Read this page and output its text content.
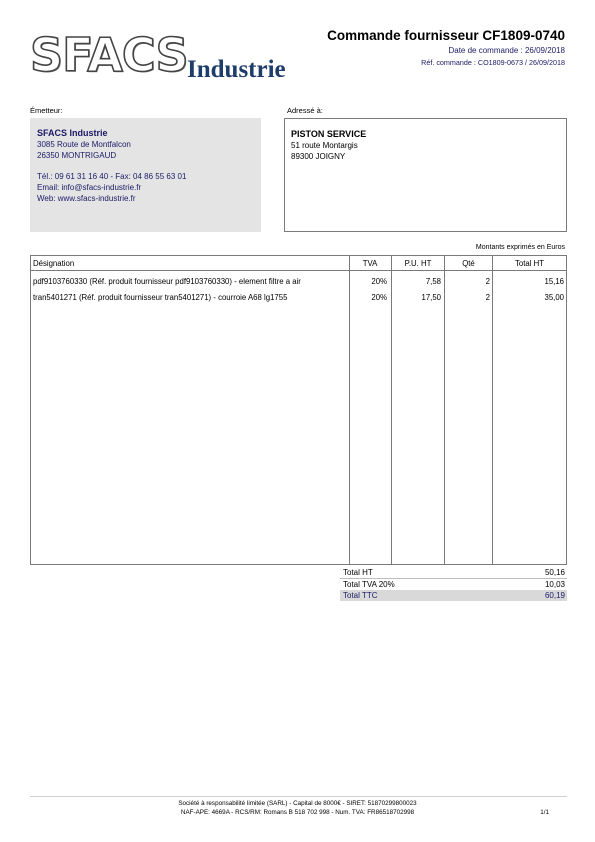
SFACS Industrie
Commande fournisseur CF1809-0740
Date de commande : 26/09/2018
Réf. commande : CO1809-0673 / 26/09/2018
Émetteur:	Adressé à:
SFACS Industrie
3085 Route de Montfalcon
26350 MONTRIGAUD
Tél.: 09 61 31 16 40 - Fax: 04 86 55 63 01
Email: info@sfacs-industrie.fr
Web: www.sfacs-industrie.fr
PISTON SERVICE
51 route Montargis
89300 JOIGNY
Montants exprimés en Euros
Désignation	TVA	P.U. HT	Qté	Total HT
pdf9103760330 (Réf. produit fournisseur pdf9103760330) - element filtre a air	20%	7,58	2	15,16
tran5401271 (Réf. produit fournisseur tran5401271) - courroie A68 lg1755	20%	17,50	2	35,00
Total HT	50,16
Total TVA 20%	10,03
Total TTC	60,19
Société à responsabilité limitée (SARL) - Capital de 8000€ - SIRET: 51870299800023
NAF-APE: 4669A - RCS/RM: Romans B 518 702 998 - Num. TVA: FR86518702998	1/1
